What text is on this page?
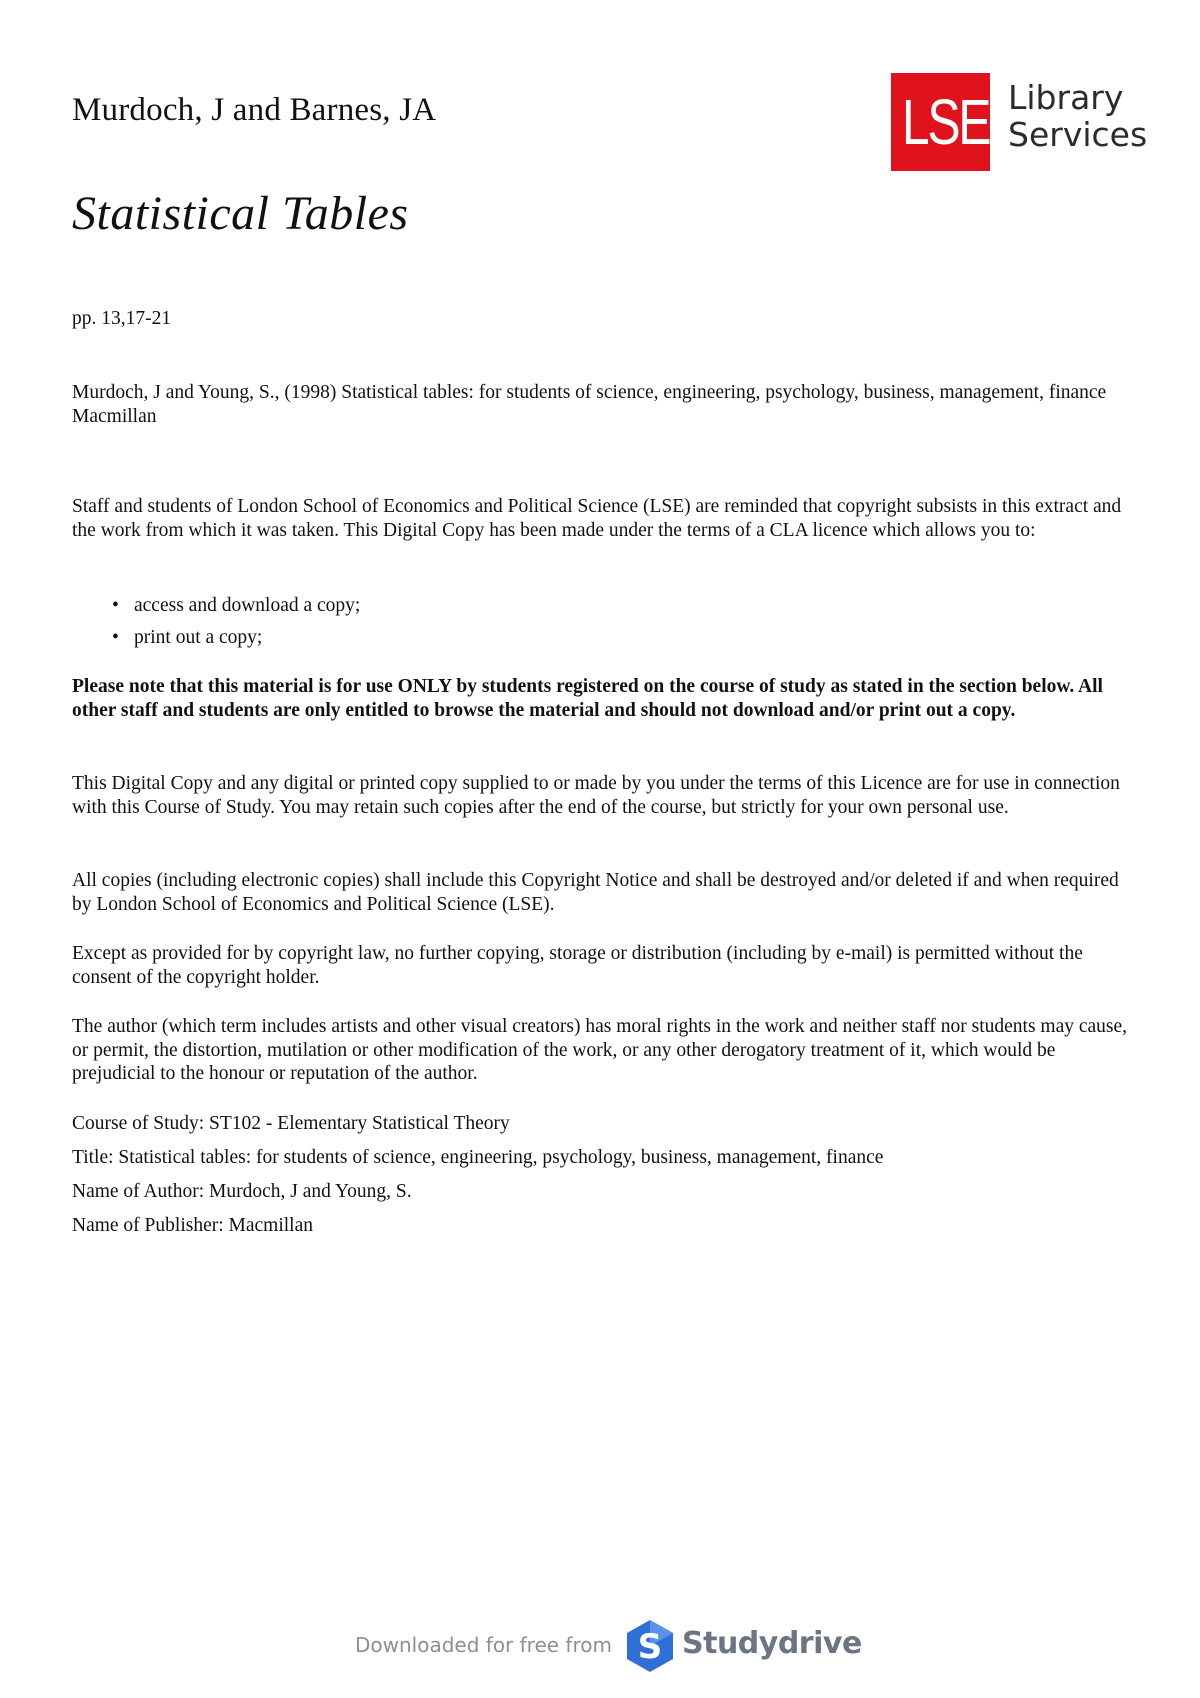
Murdoch, J and Barnes, JA
Statistical Tables
LSE Library
Services
pp. 13,17-21
Murdoch, J and Young, S., (1998) Statistical tables: for students of science, engineering, psychology, business, management, finance Macmillan
Staff and students of London School of Economics and Political Science (LSE) are reminded that copyright subsists in this extract and the work from which it was taken. This Digital Copy has been made under the terms of a CLA licence which allows you to:
• access and download a copy;
• print out a copy;
Please note that this material is for use ONLY by students registered on the course of study as stated in the section below. All other staff and students are only entitled to browse the material and should not download and/or print out a copy.
This Digital Copy and any digital or printed copy supplied to or made by you under the terms of this Licence are for use in connection with this Course of Study. You may retain such copies after the end of the course, but strictly for your own personal use.
All copies (including electronic copies) shall include this Copyright Notice and shall be destroyed and/or deleted if and when required by London School of Economics and Political Science (LSE).
Except as provided for by copyright law, no further copying, storage or distribution (including by e-mail) is permitted without the consent of the copyright holder.
The author (which term includes artists and other visual creators) has moral rights in the work and neither staff nor students may cause, or permit, the distortion, mutilation or other modification of the work, or any other derogatory treatment of it, which would be prejudicial to the honour or reputation of the author.
Course of Study: ST102 - Elementary Statistical Theory
Title: Statistical tables: for students of science, engineering, psychology, business, management, finance
Name of Author: Murdoch, J and Young, S.
Name of Publisher: Macmillan
Downloaded for free from S Studydrive
